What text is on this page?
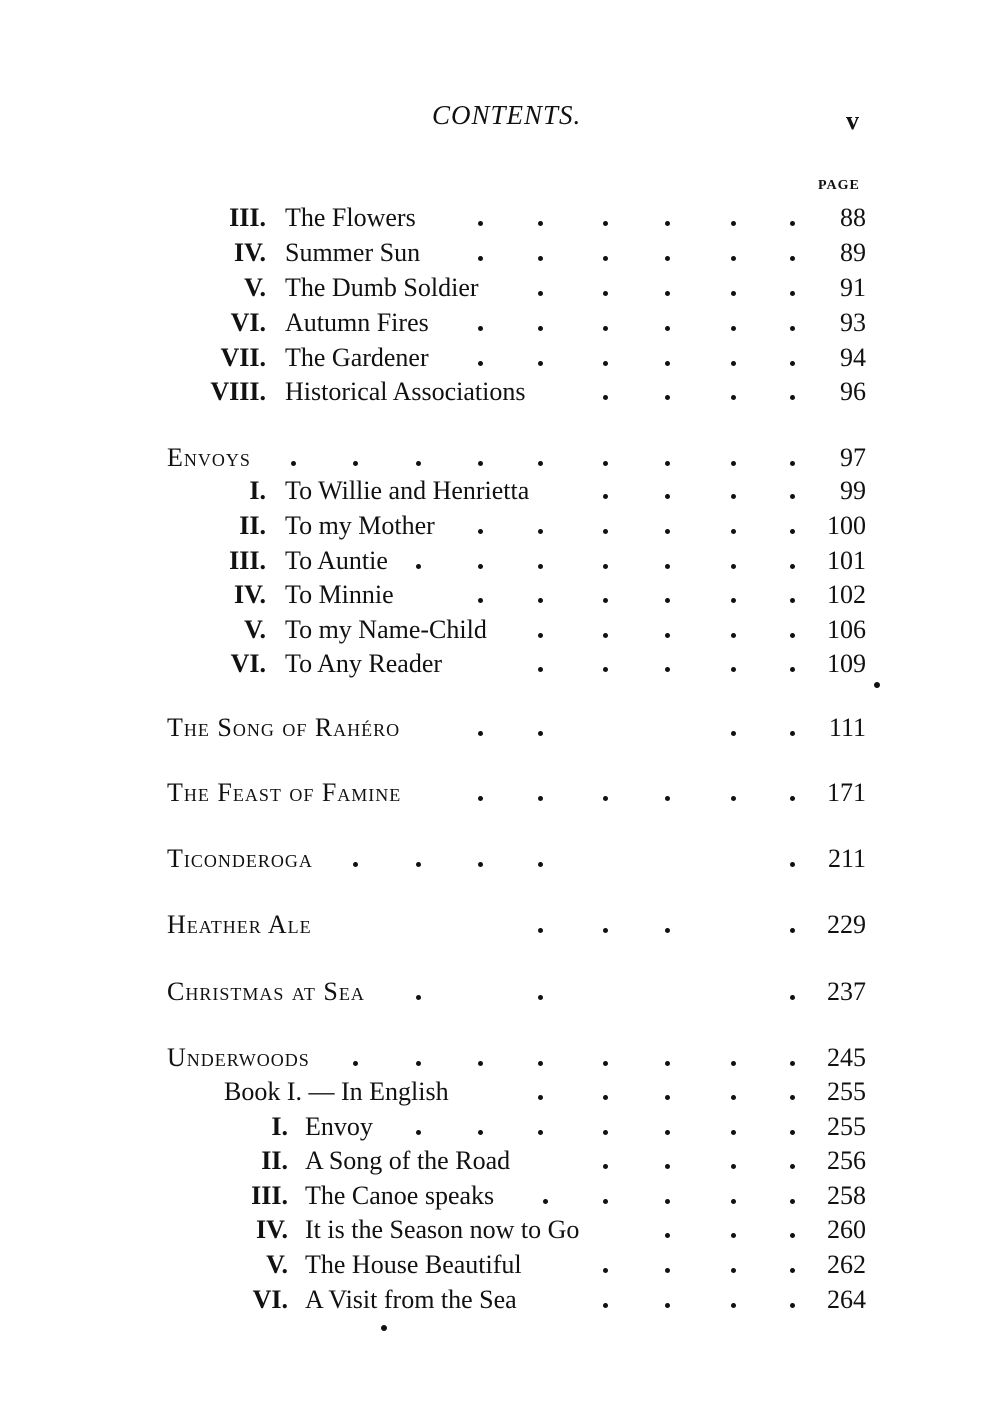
CONTENTS.	v
PAGE
III. The Flowers	88
IV. Summer Sun	89
V. The Dumb Soldier	91
VI. Autumn Fires	93
VII. The Gardener	94
VIII. Historical Associations	96
Envoys	97
I. To Willie and Henrietta	99
II. To my Mother	100
III. To Auntie	101
IV. To Minnie	102
V. To my Name-Child	106
VI. To Any Reader	109
The Song of Rahéro	111
The Feast of Famine	171
Ticonderoga	211
Heather Ale	229
Christmas at Sea	237
Underwoods	245
Book I. — In English	255
I. Envoy	255
II. A Song of the Road	256
III. The Canoe speaks	258
IV. It is the Season now to Go	260
V. The House Beautiful	262
VI. A Visit from the Sea	264
